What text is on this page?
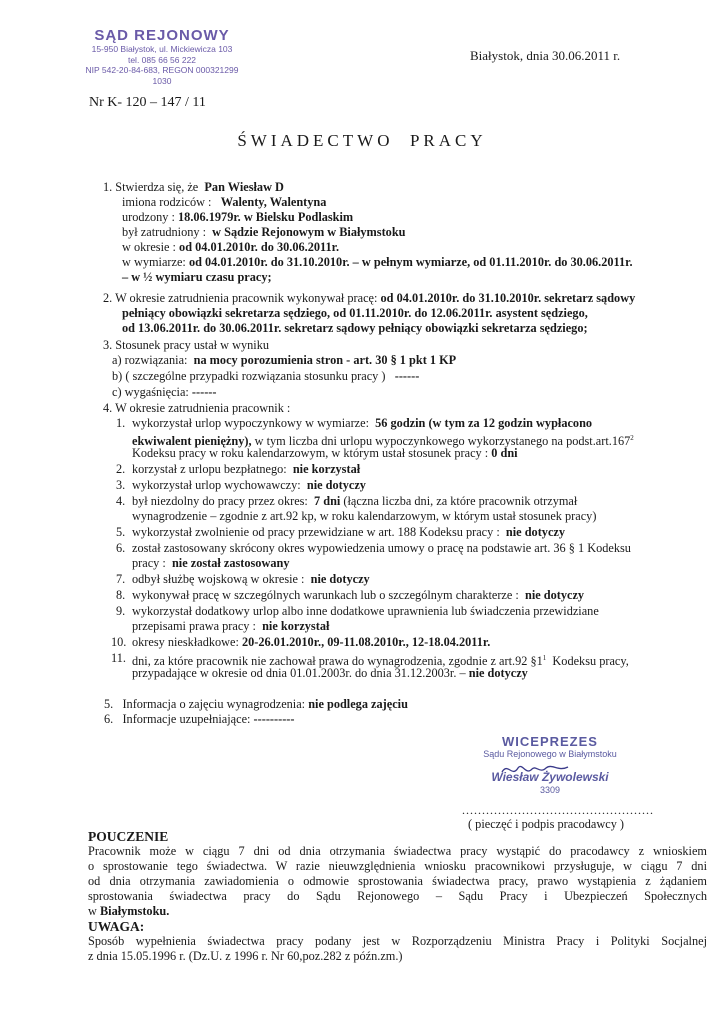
SĄD REJONOWY
15-950 Białystok, ul. Mickiewicza 103
tel. 085 66 56 222
NIP 542-20-84-683, REGON 000321299
1030
Białystok, dnia 30.06.2011 r.
Nr K- 120 – 147 / 11
ŚWIADECTWO  PRACY
1. Stwierdza się, że Pan Wiesław D
imiona rodziców : Walenty, Walentyna
urodzony : 18.06.1979r. w Bielsku Podlaskim
był zatrudniony : w Sądzie Rejonowym w Białymstoku
w okresie : od 04.01.2010r. do 30.06.2011r.
w wymiarze: od 04.01.2010r. do 31.10.2010r. – w pełnym wymiarze, od 01.11.2010r. do 30.06.2011r.
– w ½ wymiaru czasu pracy;
2. W okresie zatrudnienia pracownik wykonywał pracę: od 04.01.2010r. do 31.10.2010r. sekretarz sądowy
pełniący obowiązki sekretarza sędziego, od 01.11.2010r. do 12.06.2011r. asystent sędziego,
od 13.06.2011r. do 30.06.2011r. sekretarz sądowy pełniący obowiązki sekretarza sędziego;
3. Stosunek pracy ustał w wyniku
a) rozwiązania: na mocy porozumienia stron - art. 30 § 1 pkt 1 KP
b) ( szczególne przypadki rozwiązania stosunku pracy ) ------
c) wygaśnięcia: ------
4. W okresie zatrudnienia pracownik :
1. wykorzystał urlop wypoczynkowy w wymiarze: 56 godzin (w tym za 12 godzin wypłacono
ekwiwalent pieniężny), w tym liczba dni urlopu wypoczynkowego wykorzystanego na podst.art.167$^2$
Kodeksu pracy w roku kalendarzowym, w którym ustał stosunek pracy : 0 dni
2. korzystał z urlopu bezpłatnego: nie korzystał
3. wykorzystał urlop wychowawczy: nie dotyczy
4. był niezdolny do pracy przez okres: 7 dni (łączna liczba dni, za które pracownik otrzymał
wynagrodzenie – zgodnie z art.92 kp, w roku kalendarzowym, w którym ustał stosunek pracy)
5. wykorzystał zwolnienie od pracy przewidziane w art. 188 Kodeksu pracy : nie dotyczy
6. został zastosowany skrócony okres wypowiedzenia umowy o pracę na podstawie art. 36 § 1 Kodeksu
pracy : nie został zastosowany
7. odbył służbę wojskową w okresie : nie dotyczy
8. wykonywał pracę w szczególnych warunkach lub o szczególnym charakterze : nie dotyczy
9. wykorzystał dodatkowy urlop albo inne dodatkowe uprawnienia lub świadczenia przewidziane
przepisami prawa pracy : nie korzystał
10. okresy nieskładkowe: 20-26.01.2010r., 09-11.08.2010r., 12-18.04.2011r.
11. dni, za które pracownik nie zachował prawa do wynagrodzenia, zgodnie z art.92 $\S 1^1$  Kodeksu pracy,
przypadające w okresie od dnia 01.01.2003r. do dnia 31.12.2003r. – nie dotyczy
5.   Informacja o zajęciu wynagrodzenia: nie podlega zajęciu
6.   Informacje uzupełniające: ----------
WICEPREZES
Sądu Rejonowego w Białymstoku
Wiesław Żywolewski
3309
................................................
( pieczęć i podpis pracodawcy )
POUCZENIE
Pracownik może w ciągu 7 dni od dnia otrzymania świadectwa pracy wystąpić do pracodawcy z wnioskiem
o sprostowanie tego świadectwa. W razie nieuwzględnienia wniosku pracownikowi przysługuje, w ciągu 7 dni
od dnia otrzymania zawiadomienia o odmowie sprostowania świadectwa pracy, prawo wystąpienia z żądaniem
sprostowania świadectwa pracy do Sądu Rejonowego – Sądu Pracy i Ubezpieczeń Społecznych
w Białymstoku.
UWAGA:
Sposób wypełnienia świadectwa pracy podany jest w Rozporządzeniu Ministra Pracy i Polityki Socjalnej
z dnia 15.05.1996 r. (Dz.U. z 1996 r. Nr 60,poz.282 z późn.zm.)
